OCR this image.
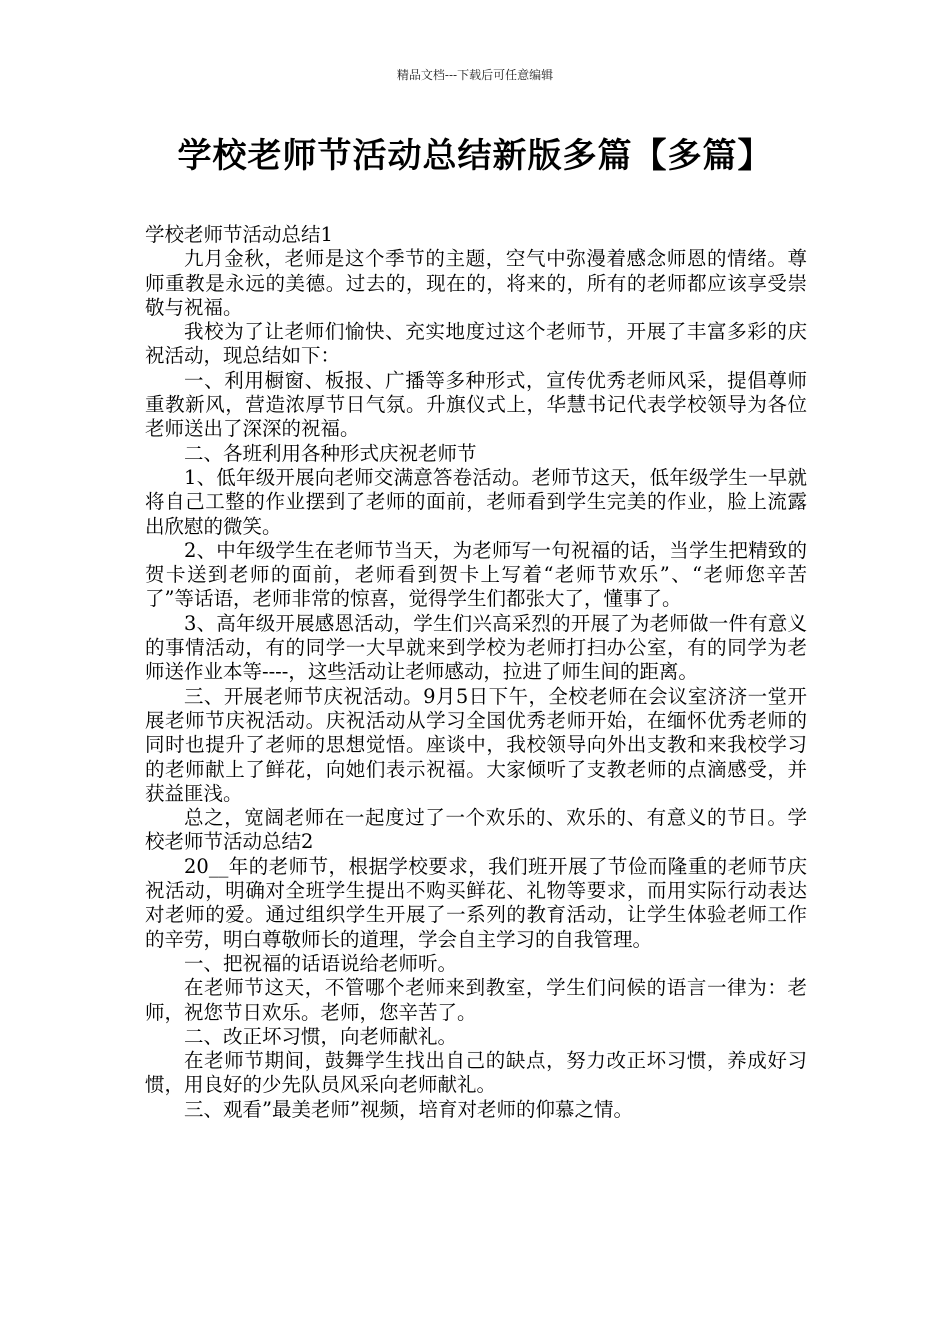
精品文档---下载后可任意编辑
学校老师节活动总结新版多篇【多篇】

学校老师节活动总结1

九月金秋，老师是这个季节的主题，空气中弥漫着感念师恩的情绪。尊师重教是永远的美德。过去的，现在的，将来的，所有的老师都应该享受崇敬与祝福。

我校为了让老师们愉快、充实地度过这个老师节，开展了丰富多彩的庆祝活动，现总结如下：

一、利用橱窗、板报、广播等多种形式，宣传优秀老师风采，提倡尊师重教新风，营造浓厚节日气氛。升旗仪式上，华慧书记代表学校领导为各位老师送出了深深的祝福。

二、各班利用各种形式庆祝老师节

1、低年级开展向老师交满意答卷活动。老师节这天，低年级学生一早就将自己工整的作业摆到了老师的面前，老师看到学生完美的作业，脸上流露出欣慰的微笑。

2、中年级学生在老师节当天，为老师写一句祝福的话，当学生把精致的贺卡送到老师的面前，老师看到贺卡上写着“老师节欢乐”、“老师您辛苦了”等话语，老师非常的惊喜，觉得学生们都张大了，懂事了。

3、高年级开展感恩活动，学生们兴高采烈的开展了为老师做一件有意义的事情活动，有的同学一大早就来到学校为老师打扫办公室，有的同学为老师送作业本等----，这些活动让老师感动，拉进了师生间的距离。

三、开展老师节庆祝活动。9月5日下午，全校老师在会议室济济一堂开展老师节庆祝活动。庆祝活动从学习全国优秀老师开始，在缅怀优秀老师的同时也提升了老师的思想觉悟。座谈中，我校领导向外出支教和来我校学习的老师献上了鲜花，向她们表示祝福。大家倾听了支教老师的点滴感受，并获益匪浅。

总之，宽阔老师在一起度过了一个欢乐的、欢乐的、有意义的节日。学校老师节活动总结2

20__年的老师节，根据学校要求，我们班开展了节俭而隆重的老师节庆祝活动，明确对全班学生提出不购买鲜花、礼物等要求，而用实际行动表达对老师的爱。通过组织学生开展了一系列的教育活动，让学生体验老师工作的辛劳，明白尊敬师长的道理，学会自主学习的自我管理。

一、把祝福的话语说给老师听。

在老师节这天，不管哪个老师来到教室，学生们问候的语言一律为：老师，祝您节日欢乐。老师，您辛苦了。

二、改正坏习惯，向老师献礼。

在老师节期间，鼓舞学生找出自己的缺点，努力改正坏习惯，养成好习惯，用良好的少先队员风采向老师献礼。

三、观看”最美老师”视频，培育对老师的仰慕之情。
